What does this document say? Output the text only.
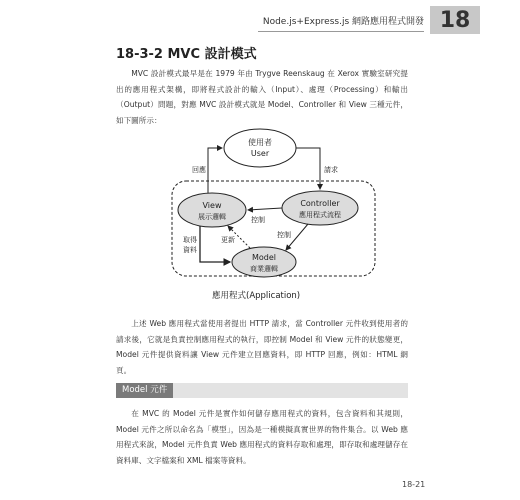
Node.js+Express.js 網路應用程式開發 18
18-3-2 MVC 設計模式

MVC 設計模式最早是在 1979 年由 Trygve Reenskaug 在 Xerox 實驗室研究提出的應用程式架構，即將程式設計的輸入（Input）、處理（Processing）和輸出（Output）問題，對應 MVC 設計模式就是 Model、Controller 和 View 三種元件，如下圖所示：

使用者
User
View
展示邏輯
Controller
應用程式流程
Model
商業邏輯
回應	請求
控制
控制
更新
取得
資料
應用程式(Application)

上述 Web 應用程式當使用者提出 HTTP 請求，當 Controller 元件收到使用者的請求後，它就是負責控制應用程式的執行，即控制 Model 和 View 元件的狀態變更，Model 元件提供資料讓 View 元件建立回應資料，即 HTTP 回應，例如：HTML 網頁。

Model 元件

在 MVC 的 Model 元件是實作如何儲存應用程式的資料，包含資料和其規則，Model 元件之所以命名為「模型」，因為是一種模擬真實世界的物件集合。以 Web 應用程式來說，Model 元件負責 Web 應用程式的資料存取和處理，即存取和處理儲存在資料庫、文字檔案和 XML 檔案等資料。

18-21
